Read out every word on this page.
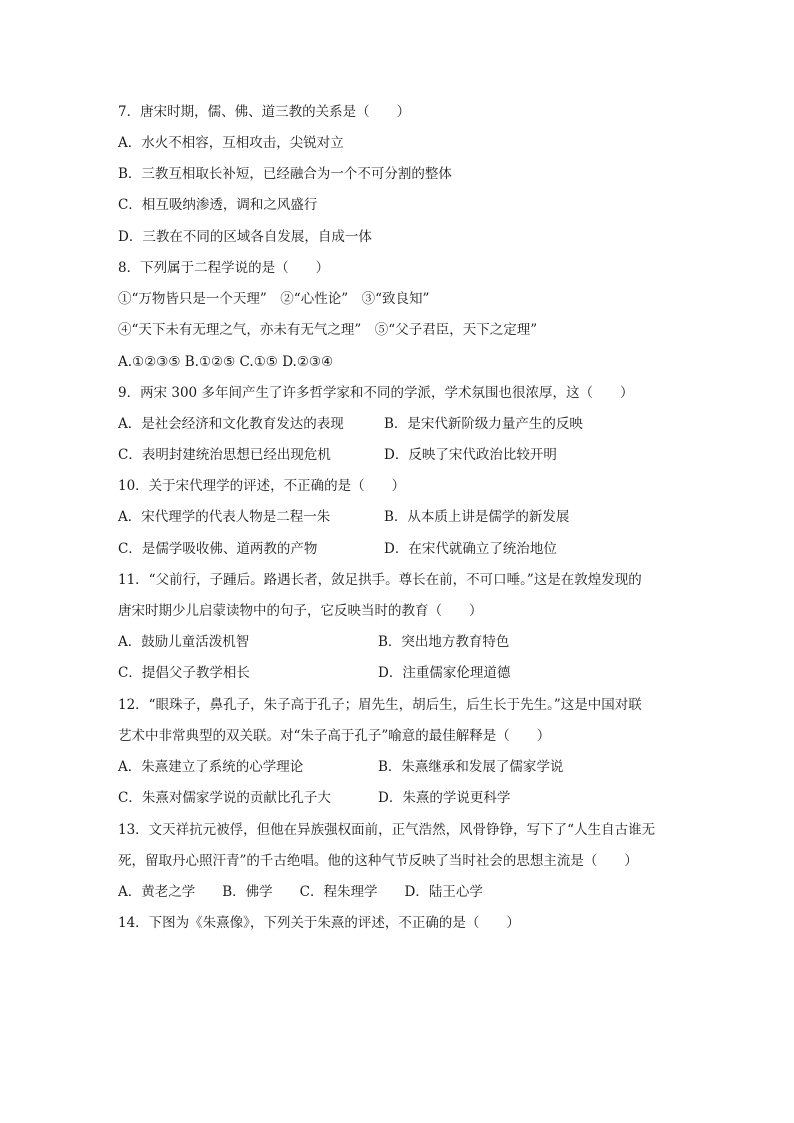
7．唐宋时期，儒、佛、道三教的关系是（　　）
A．水火不相容，互相攻击，尖锐对立
B．三教互相取长补短，已经融合为一个不可分割的整体
C．相互吸纳渗透，调和之风盛行
D．三教在不同的区域各自发展，自成一体
8．下列属于二程学说的是（　　）
①“万物皆只是一个天理”　②“心性论”　③“致良知”
④“天下未有无理之气，亦未有无气之理”　⑤“父子君臣，天下之定理”
A.①②③⑤ B.①②⑤ C.①⑤ D.②③④
9．两宋 300 多年间产生了许多哲学家和不同的学派，学术氛围也很浓厚，这（　　）
A．是社会经济和文化教育发达的表现	B．是宋代新阶级力量产生的反映
C．表明封建统治思想已经出现危机	D．反映了宋代政治比较开明
10．关于宋代理学的评述，不正确的是（　　）
A．宋代理学的代表人物是二程一朱	B．从本质上讲是儒学的新发展
C．是儒学吸收佛、道两教的产物	D．在宋代就确立了统治地位
11．“父前行，子踵后。路遇长者，敛足拱手。尊长在前，不可口唾。”这是在敦煌发现的
唐宋时期少儿启蒙读物中的句子，它反映当时的教育（　　）
A．鼓励儿童活泼机智	B．突出地方教育特色
C．提倡父子教学相长	D．注重儒家伦理道德
12．“眼珠子，鼻孔子，朱子高于孔子；眉先生，胡后生，后生长于先生。”这是中国对联
艺术中非常典型的双关联。对“朱子高于孔子”喻意的最佳解释是（　　）
A．朱熹建立了系统的心学理论	B．朱熹继承和发展了儒家学说
C．朱熹对儒家学说的贡献比孔子大	D．朱熹的学说更科学
13．文天祥抗元被俘，但他在异族强权面前，正气浩然，风骨铮铮，写下了“人生自古谁无
死，留取丹心照汗青”的千古绝唱。他的这种气节反映了当时社会的思想主流是（　　）
A．黄老之学　　B．佛学　　C．程朱理学　　D．陆王心学
14．下图为《朱熹像》，下列关于朱熹的评述，不正确的是（　　）
